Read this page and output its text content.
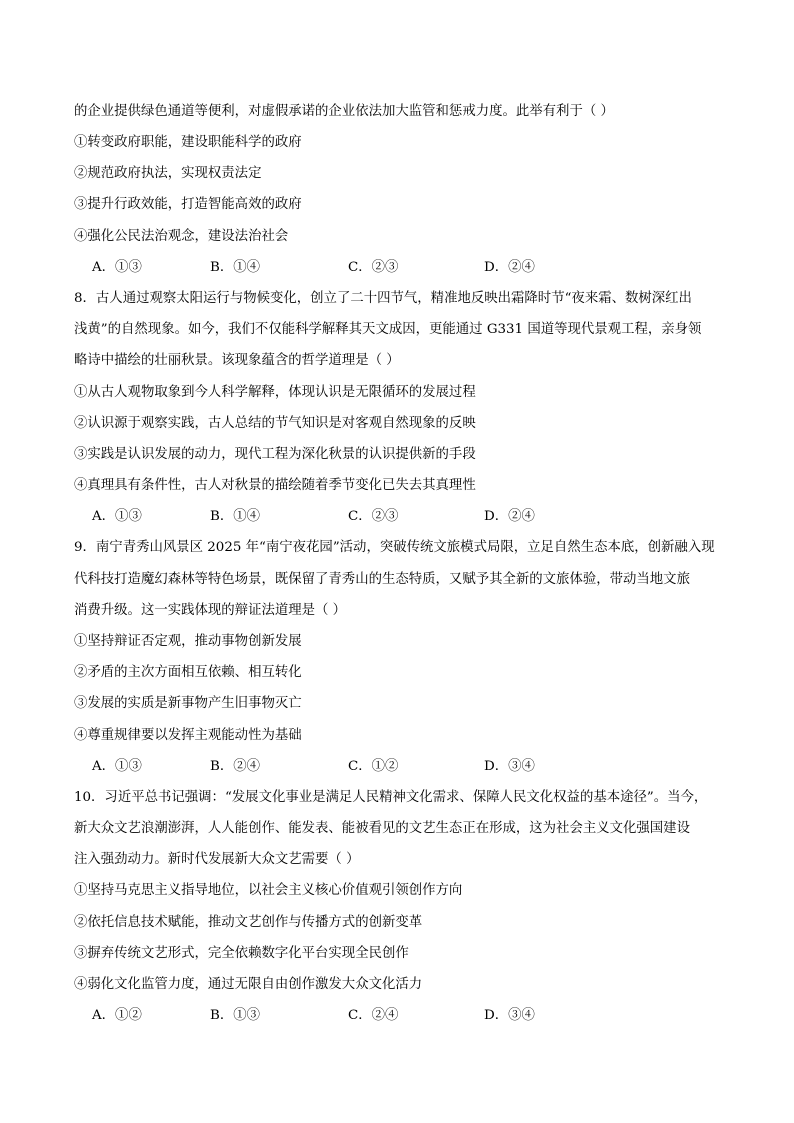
的企业提供绿色通道等便利，对虚假承诺的企业依法加大监管和惩戒力度。此举有利于（ ）
①转变政府职能，建设职能科学的政府
②规范政府执法，实现权责法定
③提升行政效能，打造智能高效的政府
④强化公民法治观念，建设法治社会
A．①③	B．①④	C．②③	D．②④
8．古人通过观察太阳运行与物候变化，创立了二十四节气，精准地反映出霜降时节“夜来霜、数树深红出
浅黄”的自然现象。如今，我们不仅能科学解释其天文成因，更能通过 G331 国道等现代景观工程，亲身领
略诗中描绘的壮丽秋景。该现象蕴含的哲学道理是（ ）
①从古人观物取象到今人科学解释，体现认识是无限循环的发展过程
②认识源于观察实践，古人总结的节气知识是对客观自然现象的反映
③实践是认识发展的动力，现代工程为深化秋景的认识提供新的手段
④真理具有条件性，古人对秋景的描绘随着季节变化已失去其真理性
A．①③	B．①④	C．②③	D．②④
9．南宁青秀山风景区 2025 年“南宁夜花园”活动，突破传统文旅模式局限，立足自然生态本底，创新融入现
代科技打造魔幻森林等特色场景，既保留了青秀山的生态特质，又赋予其全新的文旅体验，带动当地文旅
消费升级。这一实践体现的辩证法道理是（ ）
①坚持辩证否定观，推动事物创新发展
②矛盾的主次方面相互依赖、相互转化
③发展的实质是新事物产生旧事物灭亡
④尊重规律要以发挥主观能动性为基础
A．①③	B．②④	C．①②	D．③④
10．习近平总书记强调：“发展文化事业是满足人民精神文化需求、保障人民文化权益的基本途径”。当今，
新大众文艺浪潮澎湃，人人能创作、能发表、能被看见的文艺生态正在形成，这为社会主义文化强国建设
注入强劲动力。新时代发展新大众文艺需要（ ）
①坚持马克思主义指导地位，以社会主义核心价值观引领创作方向
②依托信息技术赋能，推动文艺创作与传播方式的创新变革
③摒弃传统文艺形式，完全依赖数字化平台实现全民创作
④弱化文化监管力度，通过无限自由创作激发大众文化活力
A．①②	B．①③	C．②④	D．③④
